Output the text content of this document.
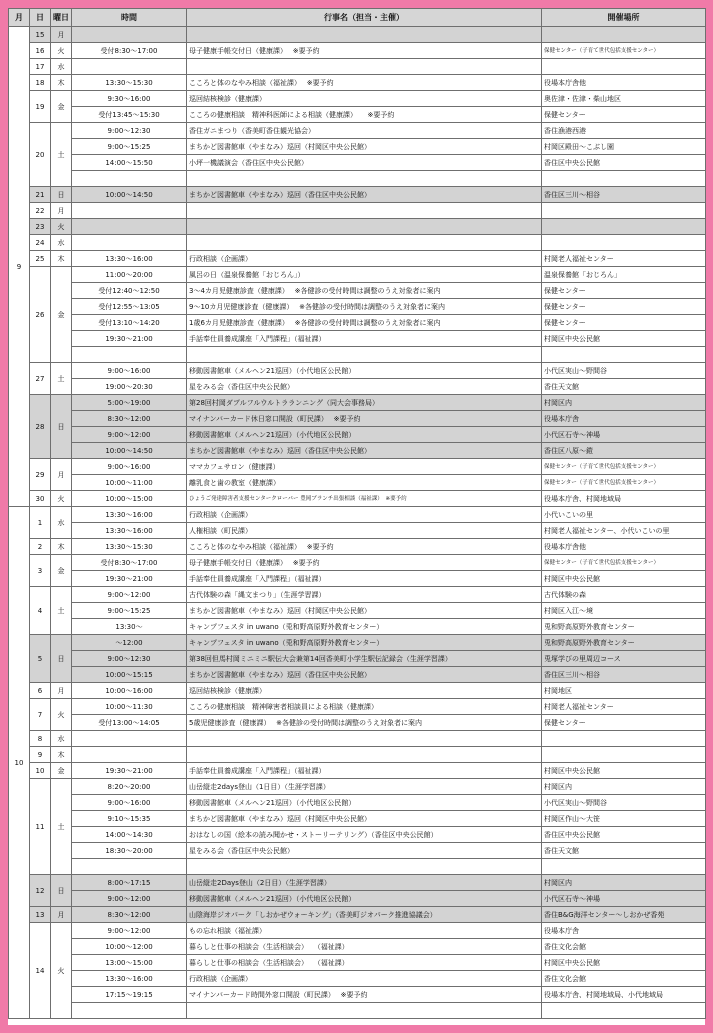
月	日	曜日	時間	行事名（担当・主催）	開催場所
9	15	月			
	16	火	受付8:30～17:00	母子健康手帳交付日（健康課）　 ※要予約	保健センター（子育て世代包括支援センター）
	17	水			
	18	木	13:30～15:30	こころと体のなやみ相談（福祉課）　 ※要予約	役場本庁舎他
	19	金	9:30～16:00	巡回結核検診（健康課）	奥佐津・佐津・柴山地区
			受付13:45～15:30	こころの健康相談　精神科医師による相談（健康課）　　※要予約	保健センター
	20	土	9:00～12:30	香住ガニまつり（香美町香住観光協会）	香住漁港西港
			9:00～15:25	まちかど図書館車（やまなみ）巡回（村岡区中央公民館）	村岡区殿田～こぶし園
			14:00～15:50	小坪一機議演会（香住区中央公民館）	香住区中央公民館

	21	日	10:00～14:50	まちかど図書館車（やまなみ）巡回（香住区中央公民館）	香住区三川～相谷
	22	月			
	23	火			
	24	水			
	25	木	13:30～16:00	行政相談（企画課）	村岡老人福祉センター
	26	金	11:00～20:00	風呂の日（温泉保養館「おじろん」）	温泉保養館「おじろん」
			受付12:40～12:50	3～4カ月児健康診査（健康課）　 ※各健診の受付時間は調整のうえ対象者に案内	保健センター
			受付12:55～13:05	9～10カ月児健康診査（健康課）　 ※各健診の受付時間は調整のうえ対象者に案内	保健センター
			受付13:10～14:20	1歳6カ月児健康診査（健康課）　 ※各健診の受付時間は調整のうえ対象者に案内	保健センター
			19:30～21:00	手話奉仕員養成講座「入門課程」（福祉課）	村岡区中央公民館

	27	土	9:00～16:00	移動図書館車（メルヘン21巡回）（小代地区公民館）	小代区実山～野間谷
			19:00～20:30	星をみる会（香住区中央公民館）	香住天文館
	28	日	5:00～19:00	第28回村岡ダブルフルウルトラランニング（同大会事務局）	村岡区内
			8:30～12:00	マイナンバーカード休日窓口開設（町民課）　 ※要予約	役場本庁舎
			9:00～12:00	移動図書館車（メルヘン21巡回）（小代地区公民館）	小代区石寺～神場
			10:00～14:50	まちかど図書館車（やまなみ）巡回（香住区中央公民館）	香住区八原～鎧
	29	月	9:00～16:00	ママカフェサロン（健康課）	保健センター（子育て世代包括支援センター）
			10:00～11:00	離乳食と歯の教室（健康課）	保健センター（子育て世代包括支援センター）
	30	火	10:00～15:00	ひょうご発達障害者支援センタークローバー 豊岡ブランチ出張相談（福祉課）　※要予約	役場本庁舎、村岡地域局
10	1	水	13:30～16:00	行政相談（企画課）	小代いこいの里
			13:30～16:00	人権相談（町民課）	村岡老人福祉センター、小代いこいの里
	2	木	13:30～15:30	こころと体のなやみ相談（福祉課）　 ※要予約	役場本庁舎他
	3	金	受付8:30～17:00	母子健康手帳交付日（健康課）　 ※要予約	保健センター（子育て世代包括支援センター）
			19:30～21:00	手話奉仕員養成講座「入門課程」（福祉課）	村岡区中央公民館
	4	土	9:00～12:00	古代体験の森「縄文まつり」（生涯学習課）	古代体験の森
			9:00～15:25	まちかど図書館車（やまなみ）巡回（村岡区中央公民館）	村岡区入江～境
			13:30～	キャンプフェスタ in uwano（兎和野高原野外教育センター）	兎和野高原野外教育センター
	5	日	～12:00	キャンプフェスタ in uwano（兎和野高原野外教育センター）	兎和野高原野外教育センター
			9:00～12:30	第38回但馬村岡ミニミニ駅伝大会兼第14回香美町小学生駅伝記録会（生涯学習課）	兎塚学びの里周辺コース
			10:00～15:15	まちかど図書館車（やまなみ）巡回（香住区中央公民館）	香住区三川～相谷
	6	月	10:00～16:00	巡回結核検診（健康課）	村岡地区
	7	火	10:00～11:30	こころの健康相談　精神障害者相談員による相談（健康課）	村岡老人福祉センター
			受付13:00～14:05	5歳児健康診査（健康課）　 ※各健診の受付時間は調整のうえ対象者に案内	保健センター
	8	水			
	9	木			
	10	金	19:30～21:00	手話奉仕員養成講座「入門課程」（福祉課）	村岡区中央公民館
	11	土	8:20～20:00	山岳縦走2days登山（1日目）（生涯学習課）	村岡区内
			9:00～16:00	移動図書館車（メルヘン21巡回）（小代地区公民館）	小代区実山～野間谷
			9:10～15:35	まちかど図書館車（やまなみ）巡回（村岡区中央公民館）	村岡区作山～大笹
			14:00～14:30	おはなしの国（絵本の読み聞かせ・ストーリーテリング）（香住区中央公民館）	香住区中央公民館
			18:30～20:00	星をみる会（香住区中央公民館）	香住天文館

	12	日	8:00～17:15	山岳縦走2Days登山（2日目）（生涯学習課）	村岡区内
			9:00～12:00	移動図書館車（メルヘン21巡回）（小代地区公民館）	小代区石寺～神場
	13	月	8:30～12:00	山陰海岸ジオパーク「しおかぜウォーキング」（香美町ジオパーク推進協議会）	香住B&G海洋センター～しおかぜ香苑
	14	火	9:00～12:00	もの忘れ相談（福祉課）	役場本庁舎
			10:00～12:00	暮らしと仕事の相談会（生活相談会）　 （福祉課）	香住文化会館
			13:00～15:00	暮らしと仕事の相談会（生活相談会）　 （福祉課）	村岡区中央公民館
			13:30～16:00	行政相談（企画課）	香住文化会館
			17:15～19:15	マイナンバーカード時間外窓口開設（町民課）　 ※要予約	役場本庁舎、村岡地域局、小代地域局
